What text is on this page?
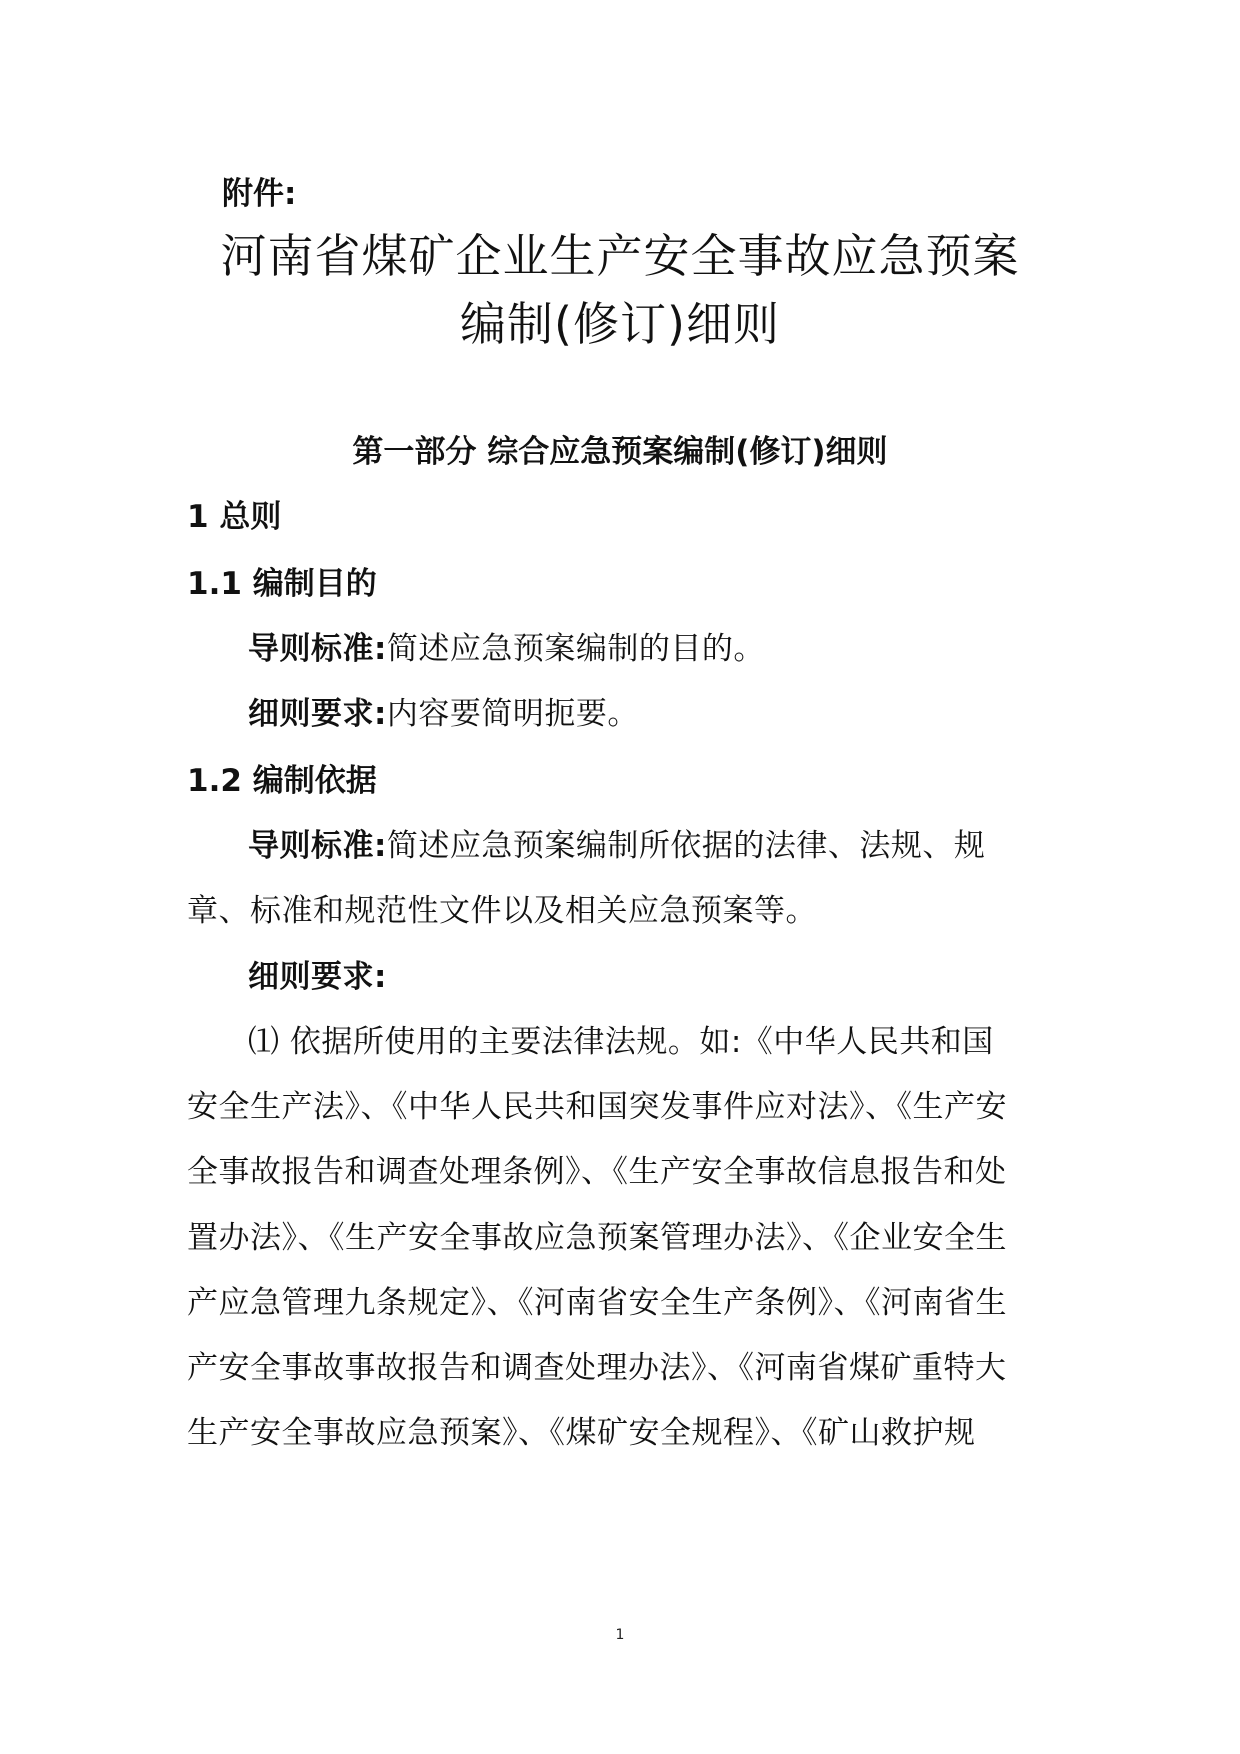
附件:

河南省煤矿企业生产安全事故应急预案
编制(修订)细则
第一部分 综合应急预案编制(修订)细则
1 总则
1.1 编制目的

导则标准:简述应急预案编制的目的。

细则要求:内容要简明扼要。

1.2 编制依据

导则标准:简述应急预案编制所依据的法律、法规、规

章、标准和规范性文件以及相关应急预案等。

细则要求:

⑴ 依据所使用的主要法律法规。如:《中华人民共和国

安全生产法》、《中华人民共和国突发事件应对法》、《生产安

全事故报告和调查处理条例》、《生产安全事故信息报告和处

置办法》、《生产安全事故应急预案管理办法》、《企业安全生

产应急管理九条规定》、《河南省安全生产条例》、《河南省生

产安全事故事故报告和调查处理办法》、《河南省煤矿重特大

生产安全事故应急预案》、《煤矿安全规程》、《矿山救护规

1
